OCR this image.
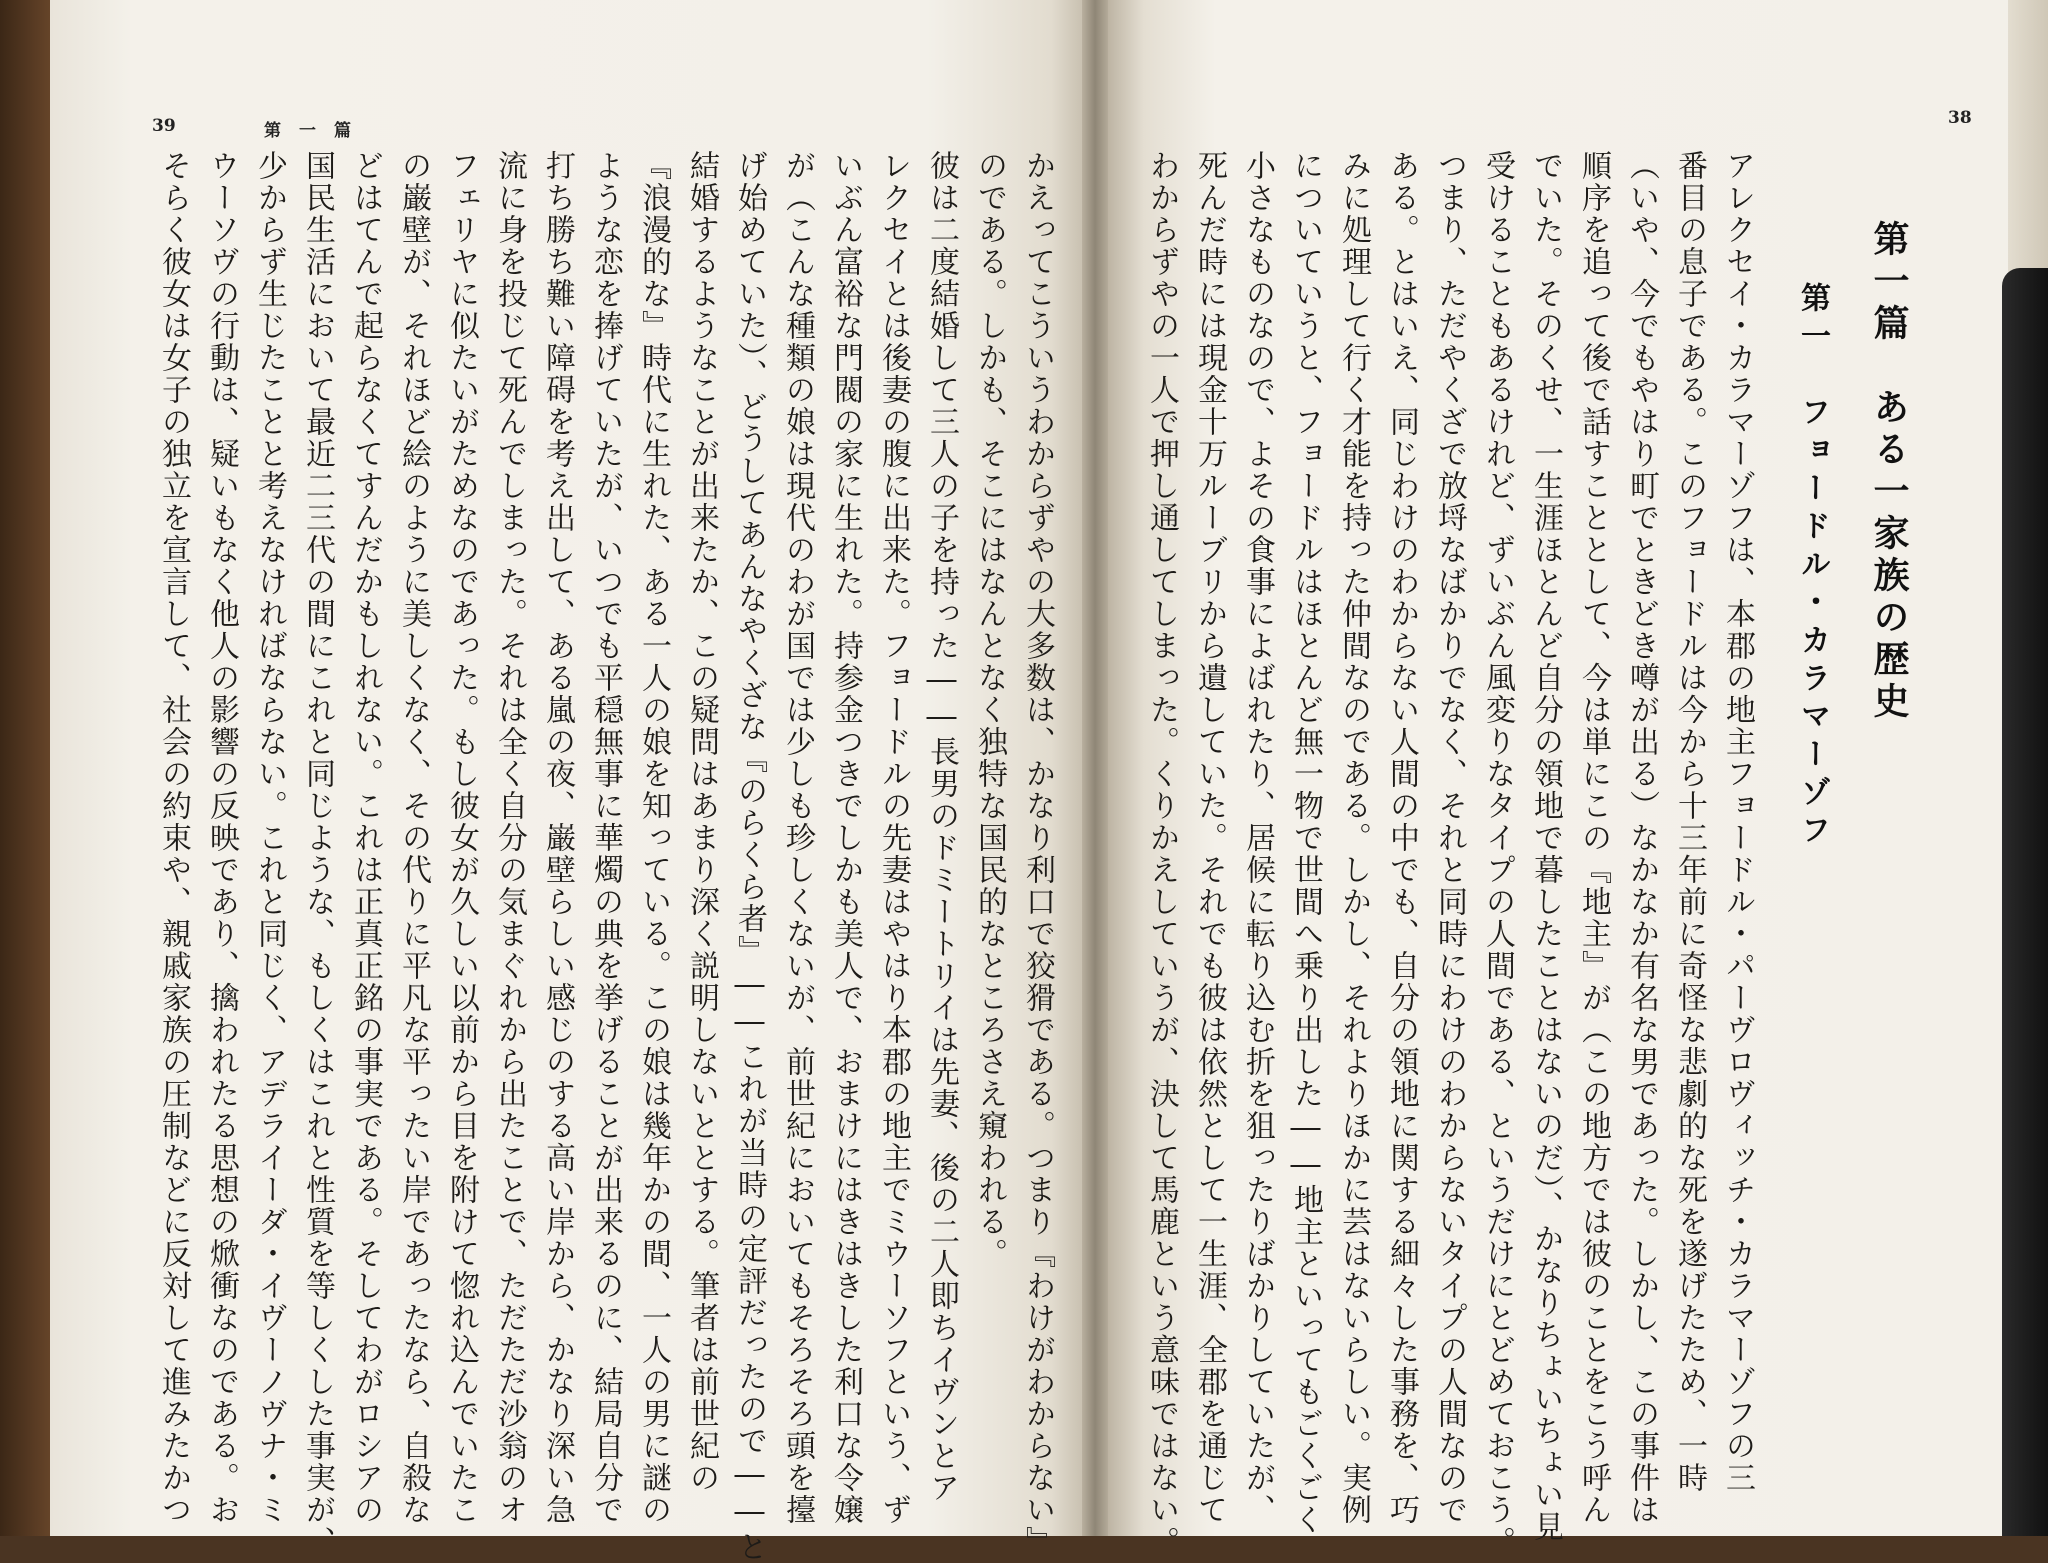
39	第一篇
かえってこういうわからずやの大多数は、かなり利口で狡猾である。つまり『わけがわからない』
のである。しかも、そこにはなんとなく独特な国民的なところさえ窺われる。
彼は二度結婚して三人の子を持った――長男のドミートリイは先妻、後の二人即ちイヴンとア
レクセイとは後妻の腹に出来た。フョードルの先妻はやはり本郡の地主でミウーソフという、ず
いぶん富裕な門閥の家に生れた。持参金つきでしかも美人で、おまけにはきはきした利口な令嬢
が（こんな種類の娘は現代のわが国では少しも珍しくないが、前世紀においてもそろそろ頭を擡
げ始めていた）、どうしてあんなやくざな『のらくら者』――これが当時の定評だったので――と
結婚するようなことが出来たか、この疑問はあまり深く説明しないととする。筆者は前世紀の
『浪漫的な』時代に生れた、ある一人の娘を知っている。この娘は幾年かの間、一人の男に謎の
ような恋を捧げていたが、いつでも平穏無事に華燭の典を挙げることが出来るのに、結局自分で
打ち勝ち難い障碍を考え出して、ある嵐の夜、巌壁らしい感じのする高い岸から、かなり深い急
流に身を投じて死んでしまった。それは全く自分の気まぐれから出たことで、ただただ沙翁のオ
フェリヤに似たいがためなのであった。もし彼女が久しい以前から目を附けて惚れ込んでいたこ
の巌壁が、それほど絵のように美しくなく、その代りに平凡な平ったい岸であったなら、自殺な
どはてんで起らなくてすんだかもしれない。これは正真正銘の事実である。そしてわがロシアの
国民生活において最近二三代の間にこれと同じような、もしくはこれと性質を等しくした事実が、
少からず生じたことと考えなければならない。これと同じく、アデライーダ・イヴーノヴナ・ミ
ウーソヴの行動は、疑いもなく他人の影響の反映であり、擒われたる思想の焮衝なのである。お
そらく彼女は女子の独立を宣言して、社会の約束や、親戚家族の圧制などに反対して進みたかつ
38
第一篇　ある一家族の歴史
第一　フョードル・カラマーゾフ
アレクセイ・カラマーゾフは、本郡の地主フョードル・パーヴロヴィッチ・カラマーゾフの三
番目の息子である。このフョードルは今から十三年前に奇怪な悲劇的な死を遂げたため、一時
（いや、今でもやはり町でときどき噂が出る）なかなか有名な男であった。しかし、この事件は
順序を追って後で話すこととして、今は単にこの『地主』が（この地方では彼のことをこう呼ん
でいた。そのくせ、一生涯ほとんど自分の領地で暮したことはないのだ）、かなりちょいちょい見
受けることもあるけれど、ずいぶん風変りなタイプの人間である、というだけにとどめておこう。
つまり、ただやくざで放埒なばかりでなく、それと同時にわけのわからないタイプの人間なので
ある。とはいえ、同じわけのわからない人間の中でも、自分の領地に関する細々した事務を、巧
みに処理して行く才能を持った仲間なのである。しかし、それよりほかに芸はないらしい。実例
についていうと、フョードルはほとんど無一物で世間へ乗り出した――地主といってもごくごく
小さなものなので、よその食事によばれたり、居候に転り込む折を狙ったりばかりしていたが、
死んだ時には現金十万ルーブリから遺していた。それでも彼は依然として一生涯、全郡を通じて
わからずやの一人で押し通してしまった。くりかえしていうが、決して馬鹿という意味ではない。
